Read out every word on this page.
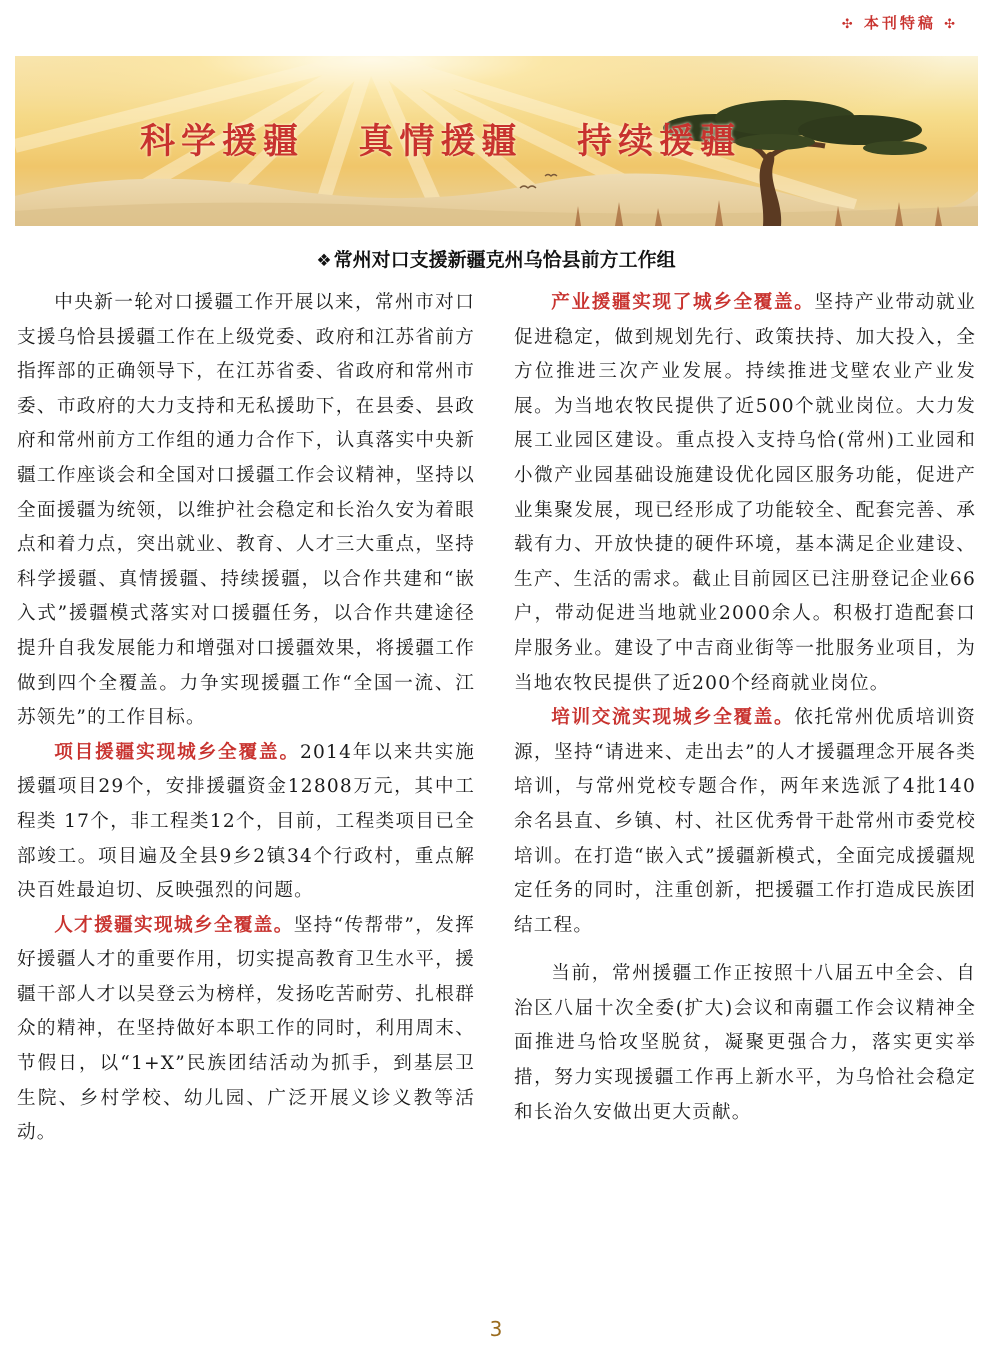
✣ 本刊特稿 ✣
科学援疆   真情援疆   持续援疆
❖ 常州对口支援新疆克州乌恰县前方工作组

中央新一轮对口援疆工作开展以来，常州市对口支援乌恰县援疆工作在上级党委、政府和江苏省前方指挥部的正确领导下，在江苏省委、省政府和常州市委、市政府的大力支持和无私援助下，在县委、县政府和常州前方工作组的通力合作下，认真落实中央新疆工作座谈会和全国对口援疆工作会议精神，坚持以全面援疆为统领，以维护社会稳定和长治久安为着眼点和着力点，突出就业、教育、人才三大重点，坚持科学援疆、真情援疆、持续援疆，以合作共建和“嵌入式”援疆模式落实对口援疆任务，以合作共建途径提升自我发展能力和增强对口援疆效果，将援疆工作做到四个全覆盖。力争实现援疆工作“全国一流、江苏领先”的工作目标。

项目援疆实现城乡全覆盖。2014年以来共实施援疆项目29个，安排援疆资金12808万元，其中工程类 17个，非工程类12个，目前，工程类项目已全部竣工。项目遍及全县9乡2镇34个行政村，重点解决百姓最迫切、反映强烈的问题。

人才援疆实现城乡全覆盖。坚持“传帮带”，发挥好援疆人才的重要作用，切实提高教育卫生水平，援疆干部人才以吴登云为榜样，发扬吃苦耐劳、扎根群众的精神，在坚持做好本职工作的同时，利用周末、节假日，以“1+X”民族团结活动为抓手，到基层卫生院、乡村学校、幼儿园、广泛开展义诊义教等活动。

产业援疆实现了城乡全覆盖。坚持产业带动就业促进稳定，做到规划先行、政策扶持、加大投入，全方位推进三次产业发展。持续推进戈壁农业产业发展。为当地农牧民提供了近500个就业岗位。大力发展工业园区建设。重点投入支持乌恰(常州)工业园和小微产业园基础设施建设优化园区服务功能，促进产业集聚发展，现已经形成了功能较全、配套完善、承载有力、开放快捷的硬件环境，基本满足企业建设、生产、生活的需求。截止目前园区已注册登记企业66户，带动促进当地就业2000余人。积极打造配套口岸服务业。建设了中吉商业街等一批服务业项目，为当地农牧民提供了近200个经商就业岗位。

培训交流实现城乡全覆盖。依托常州优质培训资源，坚持“请进来、走出去”的人才援疆理念开展各类培训，与常州党校专题合作，两年来选派了4批140余名县直、乡镇、村、社区优秀骨干赴常州市委党校培训。在打造“嵌入式”援疆新模式，全面完成援疆规定任务的同时，注重创新，把援疆工作打造成民族团结工程。

当前，常州援疆工作正按照十八届五中全会、自治区八届十次全委(扩大)会议和南疆工作会议精神全面推进乌恰攻坚脱贫，凝聚更强合力，落实更实举措，努力实现援疆工作再上新水平，为乌恰社会稳定和长治久安做出更大贡献。

3
